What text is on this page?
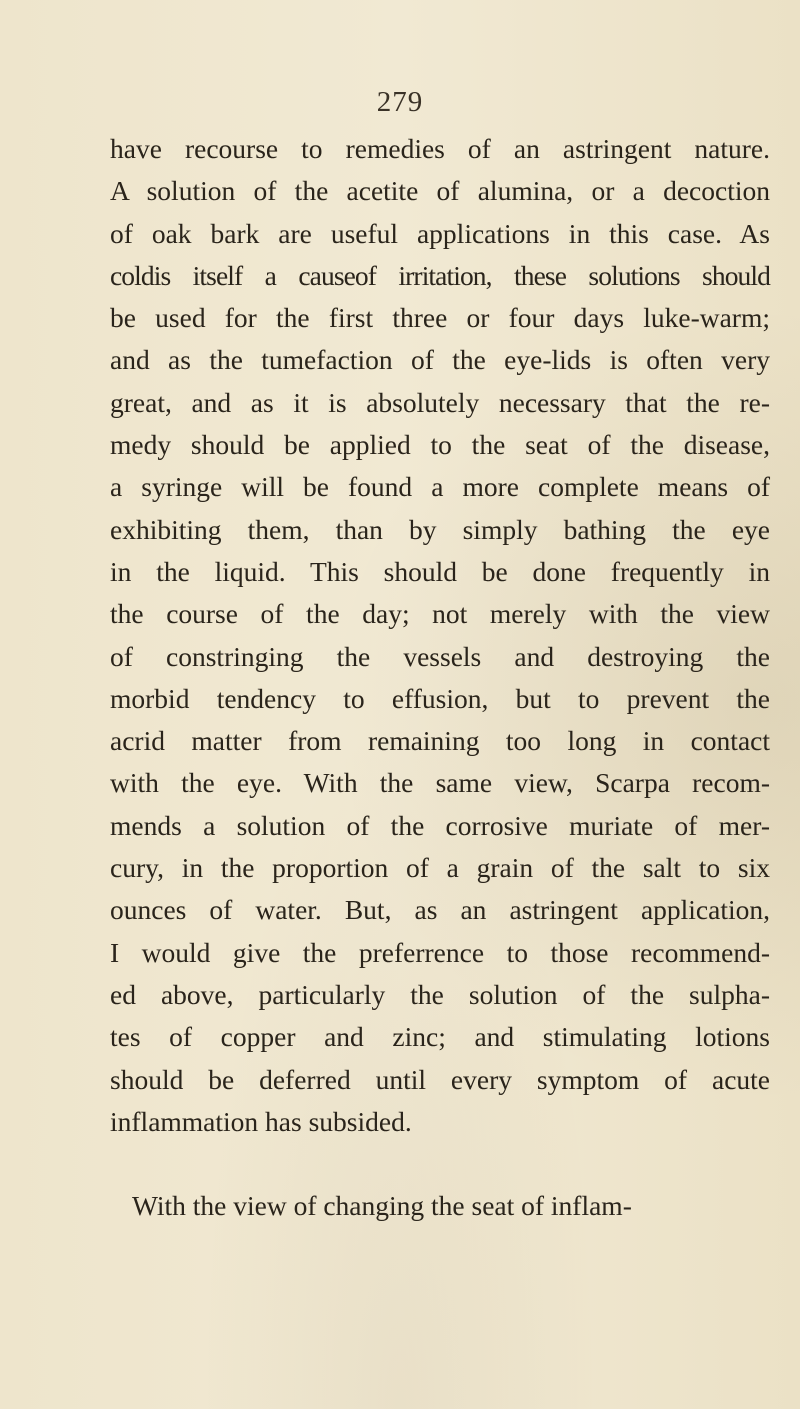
279
have recourse to remedies of an astringent nature.
A solution of the acetite of alumina, or a decoction
of oak bark are useful applications in this case. As
coldis itself a causeof irritation, these solutions should
be used for the first three or four days luke-warm;
and as the tumefaction of the eye-lids is often very
great, and as it is absolutely necessary that the re-
medy should be applied to the seat of the disease,
a syringe will be found a more complete means of
exhibiting them, than by simply bathing the eye
in the liquid. This should be done frequently in
the course of the day; not merely with the view
of constringing the vessels and destroying the
morbid tendency to effusion, but to prevent the
acrid matter from remaining too long in contact
with the eye. With the same view, Scarpa recom-
mends a solution of the corrosive muriate of mer-
cury, in the proportion of a grain of the salt to six
ounces of water. But, as an astringent application,
I would give the preferrence to those recommend-
ed above, particularly the solution of the sulpha-
tes of copper and zinc; and stimulating lotions
should be deferred until every symptom of acute
inflammation has subsided.
With the view of changing the seat of inflam-
